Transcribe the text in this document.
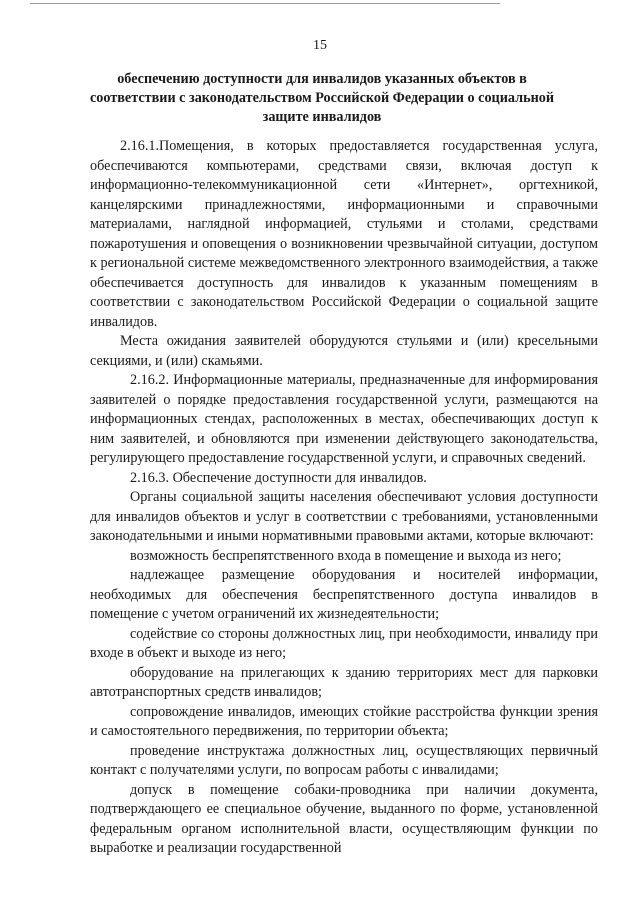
15
обеспечению доступности для инвалидов указанных объектов в
соответствии с законодательством Российской Федерации о социальной
защите инвалидов

2.16.1.Помещения, в которых предоставляется государственная услуга, обеспечиваются компьютерами, средствами связи, включая доступ к информационно-телекоммуникационной сети «Интернет», оргтехникой, канцелярскими принадлежностями, информационными и справочными материалами, наглядной информацией, стульями и столами, средствами пожаротушения и оповещения о возникновении чрезвычайной ситуации, доступом к региональной системе межведомственного электронного взаимодействия, а также обеспечивается доступность для инвалидов к указанным помещениям в соответствии с законодательством Российской Федерации о социальной защите инвалидов.

Места ожидания заявителей оборудуются стульями и (или) кресельными секциями, и (или) скамьями.

2.16.2. Информационные материалы, предназначенные для информирования заявителей о порядке предоставления государственной услуги, размещаются на информационных стендах, расположенных в местах, обеспечивающих доступ к ним заявителей, и обновляются при изменении действующего законодательства, регулирующего предоставление государственной услуги, и справочных сведений.

2.16.3. Обеспечение доступности для инвалидов.

Органы социальной защиты населения обеспечивают условия доступности для инвалидов объектов и услуг в соответствии с требованиями, установленными законодательными и иными нормативными правовыми актами, которые включают:

возможность беспрепятственного входа в помещение и выхода из него;

надлежащее размещение оборудования и носителей информации, необходимых для обеспечения беспрепятственного доступа инвалидов в помещение с учетом ограничений их жизнедеятельности;

содействие со стороны должностных лиц, при необходимости, инвалиду при входе в объект и выходе из него;

оборудование на прилегающих к зданию территориях мест для парковки автотранспортных средств инвалидов;

сопровождение инвалидов, имеющих стойкие расстройства функции зрения и самостоятельного передвижения, по территории объекта;

проведение инструктажа должностных лиц, осуществляющих первичный контакт с получателями услуги, по вопросам работы с инвалидами;

допуск в помещение собаки-проводника при наличии документа, подтверждающего ее специальное обучение, выданного по форме, установленной федеральным органом исполнительной власти, осуществляющим функции по выработке и реализации государственной
